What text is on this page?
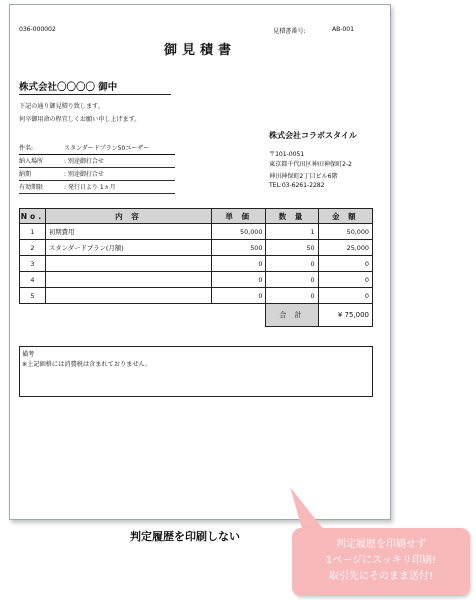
036-000002	見積書番号:	AB-001
御見積書
株式会社〇〇〇〇 御中
下記の通り御見積り致します。
何卒御用命の程宜しくお願い申し上げます。
件名:	スタンダードプラン50ユーザー
納入場所	: 別途御打合せ
納期	: 別途御打合せ
有効期限	: 発行日より 1ヵ月
株式会社コラボスタイル
〒101-0051
東京都千代田区神田神保町2-2
神田神保町2丁目ビル6階
TEL:03-6261-2282
No.	内 容	単 価	数 量	金 額
1	初期費用	50,000	1	50,000
2	スタンダードプラン(月額)	500	50	25,000
3		0	0	0
4		0	0	0
5		0	0	0
			合 計	¥ 75,000
備考
※上記価格には消費税は含まれておりません。
判定履歴を印刷しない
判定履歴を印刷せず
1ページにスッキリ印刷!
取引先にそのまま送付!
